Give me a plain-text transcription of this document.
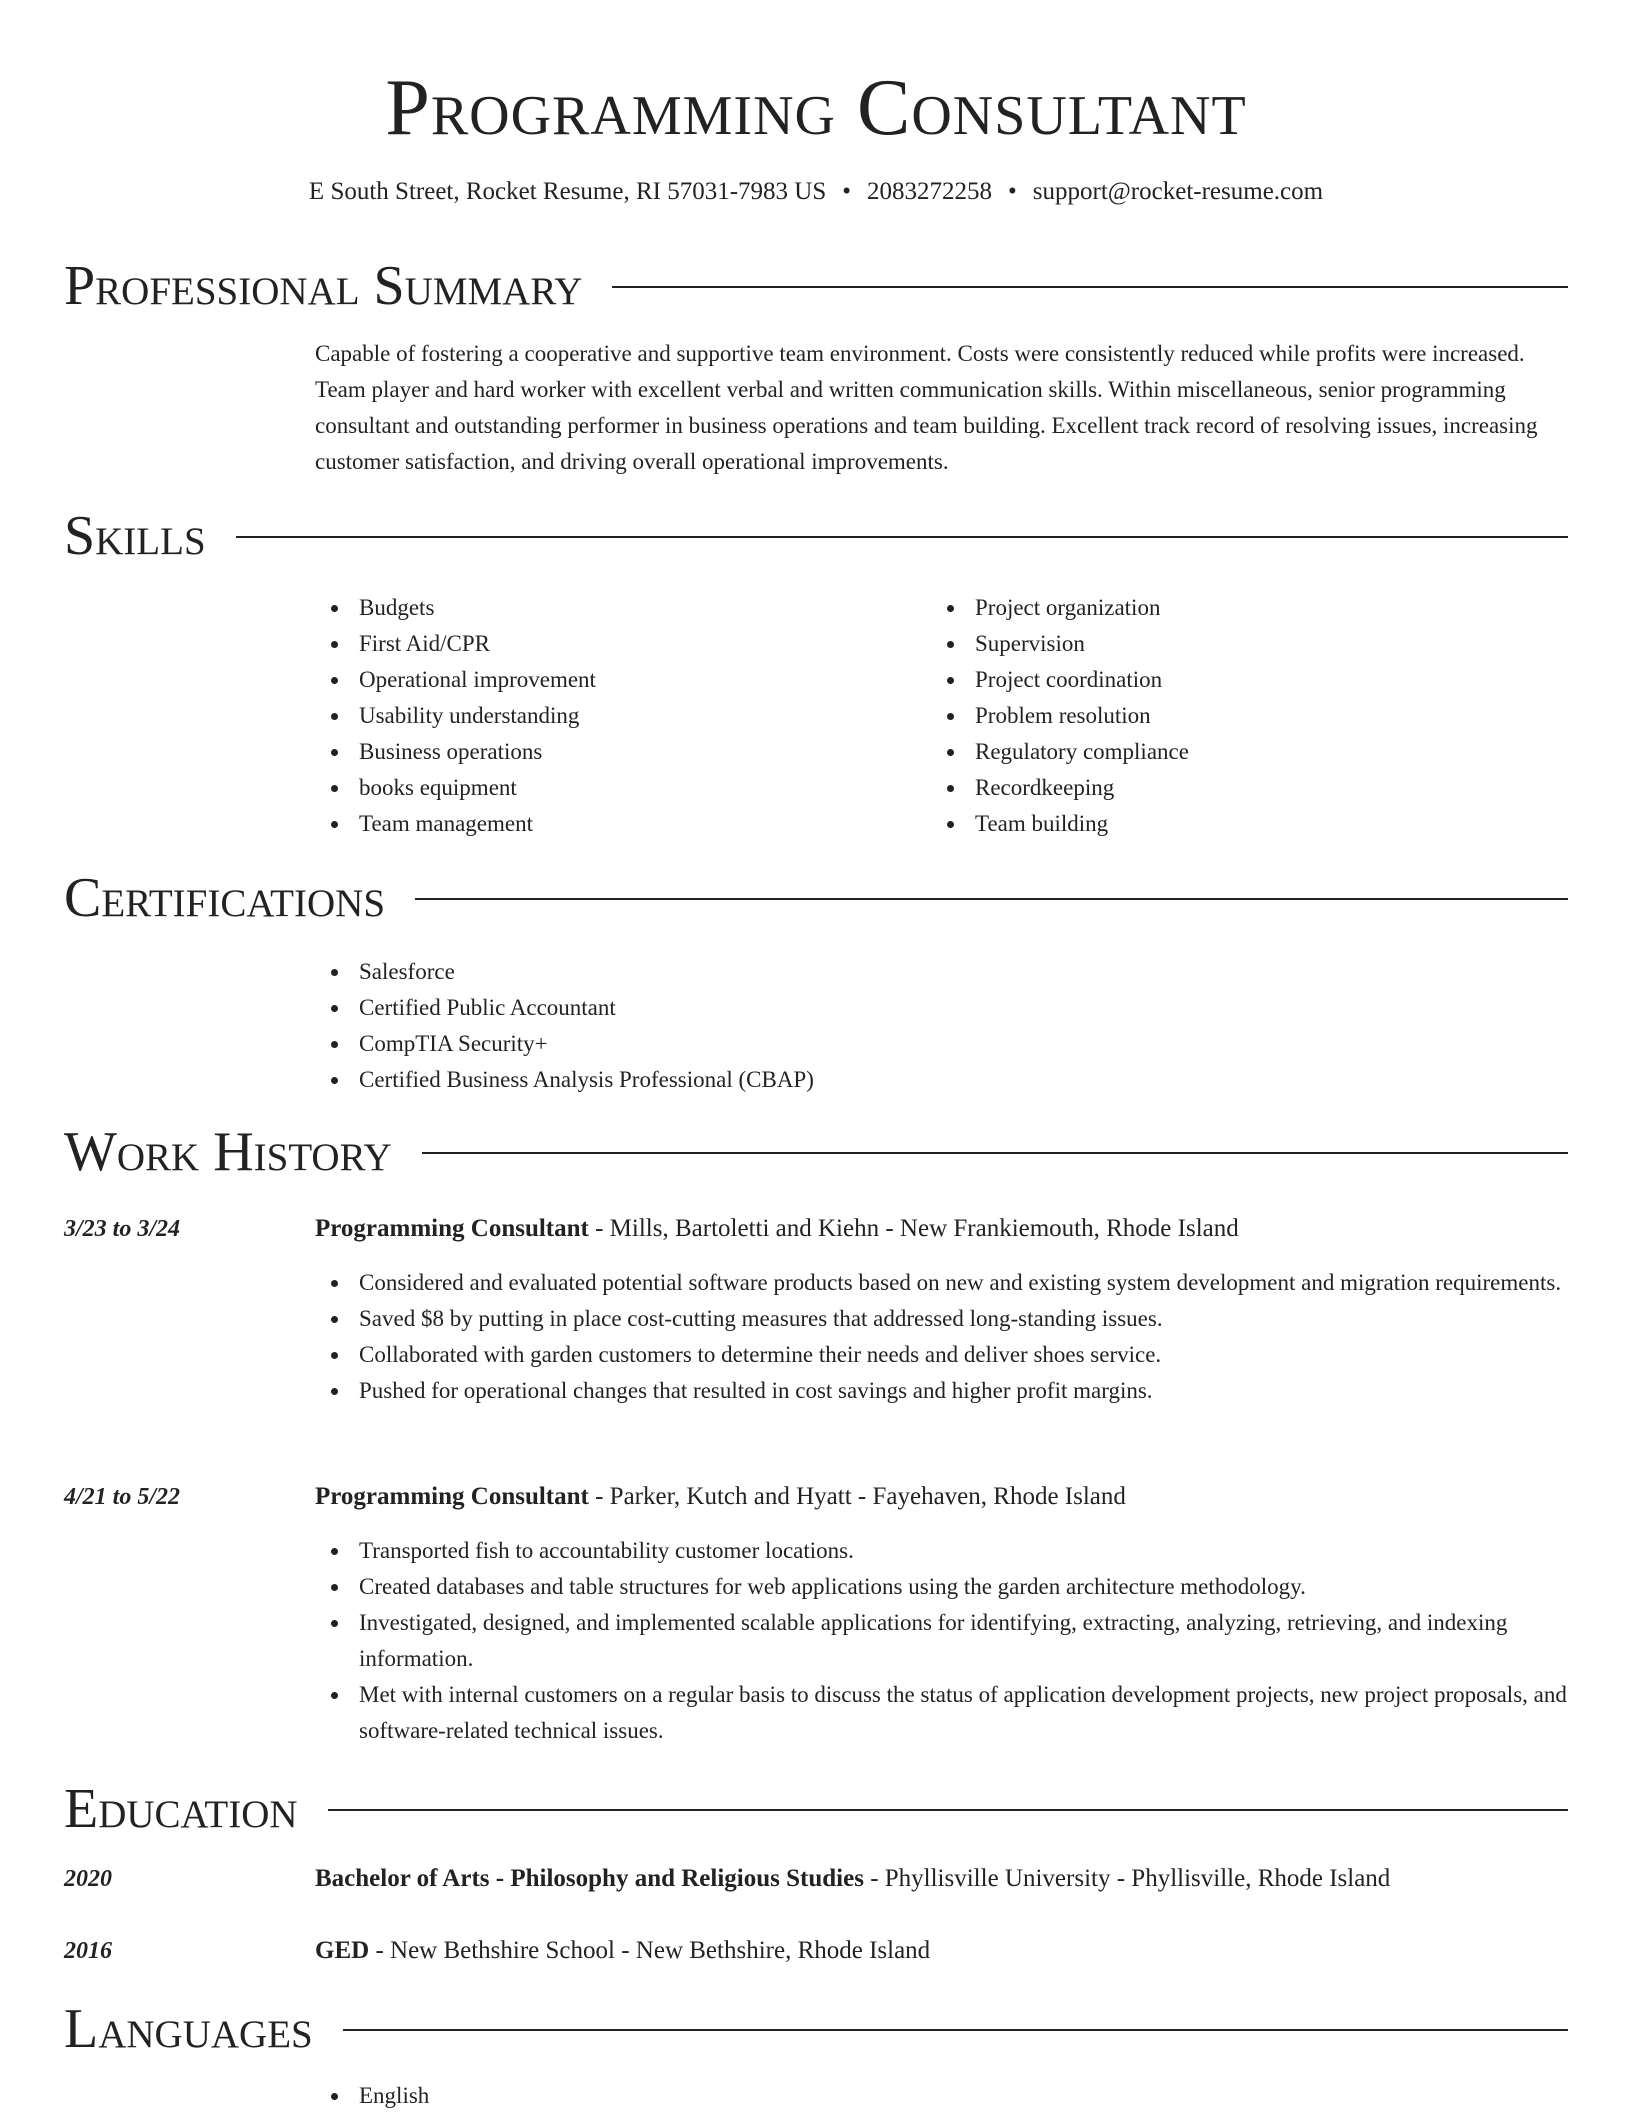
Programming Consultant
E South Street, Rocket Resume, RI 57031-7983 US • 2083272258 • support@rocket-resume.com
Professional Summary

Capable of fostering a cooperative and supportive team environment. Costs were consistently reduced while profits were increased. Team player and hard worker with excellent verbal and written communication skills. Within miscellaneous, senior programming consultant and outstanding performer in business operations and team building. Excellent track record of resolving issues, increasing customer satisfaction, and driving overall operational improvements.

Skills
Budgets
First Aid/CPR
Operational improvement
Usability understanding
Business operations
books equipment
Team management
Project organization
Supervision
Project coordination
Problem resolution
Regulatory compliance
Recordkeeping
Team building
Certifications
Salesforce
Certified Public Accountant
CompTIA Security+
Certified Business Analysis Professional (CBAP)
Work History
3/23 to 3/24	Programming Consultant - Mills, Bartoletti and Kiehn - New Frankiemouth, Rhode Island
Considered and evaluated potential software products based on new and existing system development and migration requirements.
Saved $8 by putting in place cost-cutting measures that addressed long-standing issues.
Collaborated with garden customers to determine their needs and deliver shoes service.
Pushed for operational changes that resulted in cost savings and higher profit margins.
4/21 to 5/22	Programming Consultant - Parker, Kutch and Hyatt - Fayehaven, Rhode Island
Transported fish to accountability customer locations.
Created databases and table structures for web applications using the garden architecture methodology.
Investigated, designed, and implemented scalable applications for identifying, extracting, analyzing, retrieving, and indexing information.
Met with internal customers on a regular basis to discuss the status of application development projects, new project proposals, and software-related technical issues.
Education
2020	Bachelor of Arts - Philosophy and Religious Studies - Phyllisville University - Phyllisville, Rhode Island
2016	GED - New Bethshire School - New Bethshire, Rhode Island
Languages
English
